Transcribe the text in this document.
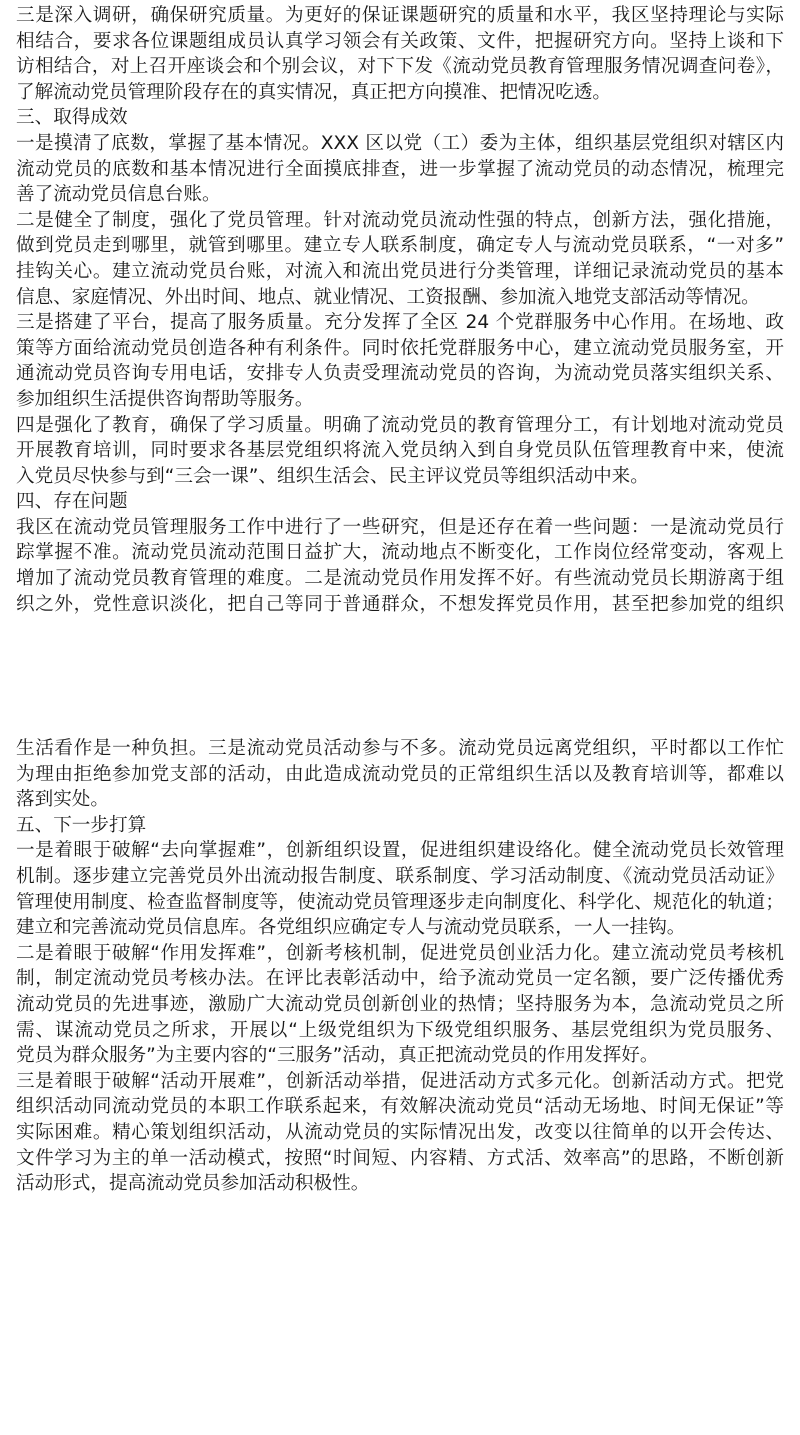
三是深入调研，确保研究质量。为更好的保证课题研究的质量和水平，我区坚持理论与实际
相结合，要求各位课题组成员认真学习领会有关政策、文件，把握研究方向。坚持上谈和下
访相结合，对上召开座谈会和个别会议，对下下发《流动党员教育管理服务情况调查问卷》，
了解流动党员管理阶段存在的真实情况，真正把方向摸准、把情况吃透。
三、取得成效
一是摸清了底数，掌握了基本情况。XXX 区以党（工）委为主体，组织基层党组织对辖区内
流动党员的底数和基本情况进行全面摸底排查，进一步掌握了流动党员的动态情况，梳理完
善了流动党员信息台账。
二是健全了制度，强化了党员管理。针对流动党员流动性强的特点，创新方法，强化措施，
做到党员走到哪里，就管到哪里。建立专人联系制度，确定专人与流动党员联系，“一对多”
挂钩关心。建立流动党员台账，对流入和流出党员进行分类管理，详细记录流动党员的基本
信息、家庭情况、外出时间、地点、就业情况、工资报酬、参加流入地党支部活动等情况。
三是搭建了平台，提高了服务质量。充分发挥了全区 24 个党群服务中心作用。在场地、政
策等方面给流动党员创造各种有利条件。同时依托党群服务中心，建立流动党员服务室，开
通流动党员咨询专用电话，安排专人负责受理流动党员的咨询，为流动党员落实组织关系、
参加组织生活提供咨询帮助等服务。
四是强化了教育，确保了学习质量。明确了流动党员的教育管理分工，有计划地对流动党员
开展教育培训，同时要求各基层党组织将流入党员纳入到自身党员队伍管理教育中来，使流
入党员尽快参与到“三会一课”、组织生活会、民主评议党员等组织活动中来。
四、存在问题
我区在流动党员管理服务工作中进行了一些研究，但是还存在着一些问题：一是流动党员行
踪掌握不准。流动党员流动范围日益扩大，流动地点不断变化，工作岗位经常变动，客观上
增加了流动党员教育管理的难度。二是流动党员作用发挥不好。有些流动党员长期游离于组
织之外，党性意识淡化，把自己等同于普通群众，不想发挥党员作用，甚至把参加党的组织
生活看作是一种负担。三是流动党员活动参与不多。流动党员远离党组织，平时都以工作忙
为理由拒绝参加党支部的活动，由此造成流动党员的正常组织生活以及教育培训等，都难以
落到实处。
五、下一步打算
一是着眼于破解“去向掌握难”，创新组织设置，促进组织建设络化。健全流动党员长效管理
机制。逐步建立完善党员外出流动报告制度、联系制度、学习活动制度、《流动党员活动证》
管理使用制度、检查监督制度等，使流动党员管理逐步走向制度化、科学化、规范化的轨道；
建立和完善流动党员信息库。各党组织应确定专人与流动党员联系，一人一挂钩。
二是着眼于破解“作用发挥难”，创新考核机制，促进党员创业活力化。建立流动党员考核机
制，制定流动党员考核办法。在评比表彰活动中，给予流动党员一定名额，要广泛传播优秀
流动党员的先进事迹，激励广大流动党员创新创业的热情；坚持服务为本，急流动党员之所
需、谋流动党员之所求，开展以“上级党组织为下级党组织服务、基层党组织为党员服务、
党员为群众服务”为主要内容的“三服务”活动，真正把流动党员的作用发挥好。
三是着眼于破解“活动开展难”，创新活动举措，促进活动方式多元化。创新活动方式。把党
组织活动同流动党员的本职工作联系起来，有效解决流动党员“活动无场地、时间无保证”等
实际困难。精心策划组织活动，从流动党员的实际情况出发，改变以往简单的以开会传达、
文件学习为主的单一活动模式，按照“时间短、内容精、方式活、效率高”的思路，不断创新
活动形式，提高流动党员参加活动积极性。
